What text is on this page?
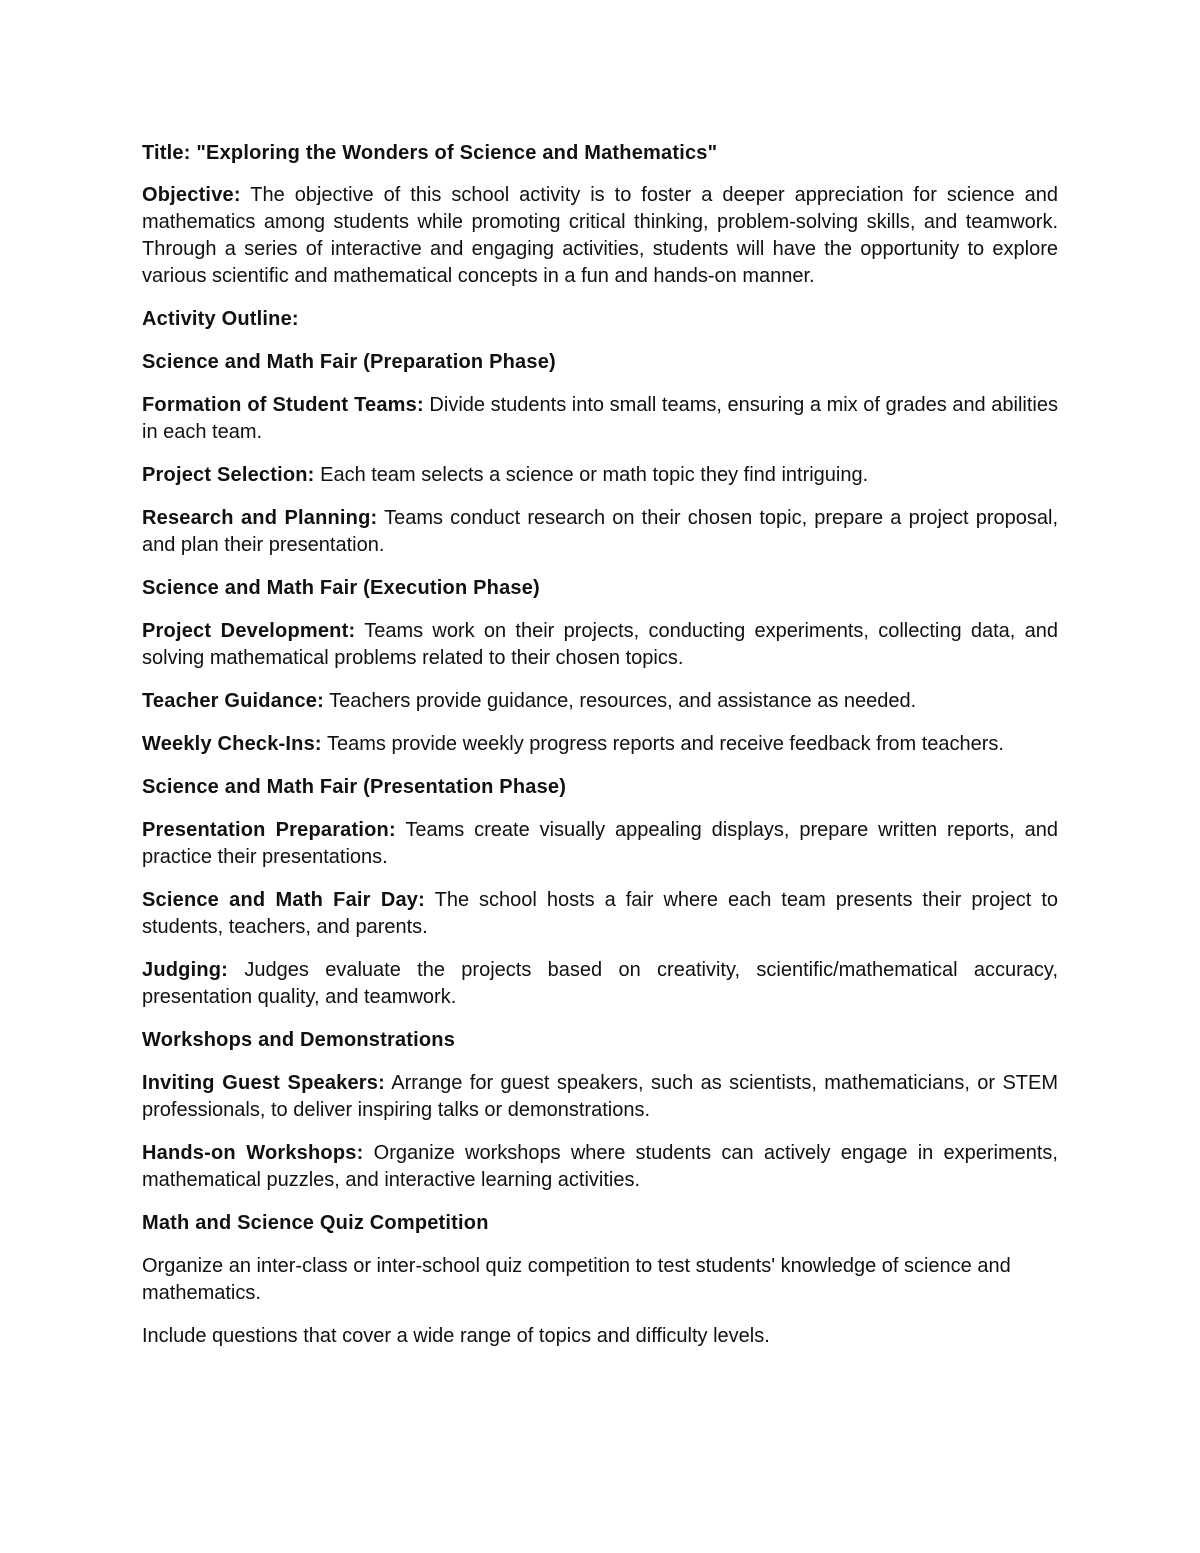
Title: "Exploring the Wonders of Science and Mathematics"
Objective: The objective of this school activity is to foster a deeper appreciation for science and mathematics among students while promoting critical thinking, problem-solving skills, and teamwork. Through a series of interactive and engaging activities, students will have the opportunity to explore various scientific and mathematical concepts in a fun and hands-on manner.
Activity Outline:
Science and Math Fair (Preparation Phase)
Formation of Student Teams: Divide students into small teams, ensuring a mix of grades and abilities in each team.
Project Selection: Each team selects a science or math topic they find intriguing.
Research and Planning: Teams conduct research on their chosen topic, prepare a project proposal, and plan their presentation.
Science and Math Fair (Execution Phase)
Project Development: Teams work on their projects, conducting experiments, collecting data, and solving mathematical problems related to their chosen topics.
Teacher Guidance: Teachers provide guidance, resources, and assistance as needed.
Weekly Check-Ins: Teams provide weekly progress reports and receive feedback from teachers.
Science and Math Fair (Presentation Phase)
Presentation Preparation: Teams create visually appealing displays, prepare written reports, and practice their presentations.
Science and Math Fair Day: The school hosts a fair where each team presents their project to students, teachers, and parents.
Judging: Judges evaluate the projects based on creativity, scientific/mathematical accuracy, presentation quality, and teamwork.
Workshops and Demonstrations
Inviting Guest Speakers: Arrange for guest speakers, such as scientists, mathematicians, or STEM professionals, to deliver inspiring talks or demonstrations.
Hands-on Workshops: Organize workshops where students can actively engage in experiments, mathematical puzzles, and interactive learning activities.
Math and Science Quiz Competition
Organize an inter-class or inter-school quiz competition to test students' knowledge of science and mathematics.
Include questions that cover a wide range of topics and difficulty levels.
